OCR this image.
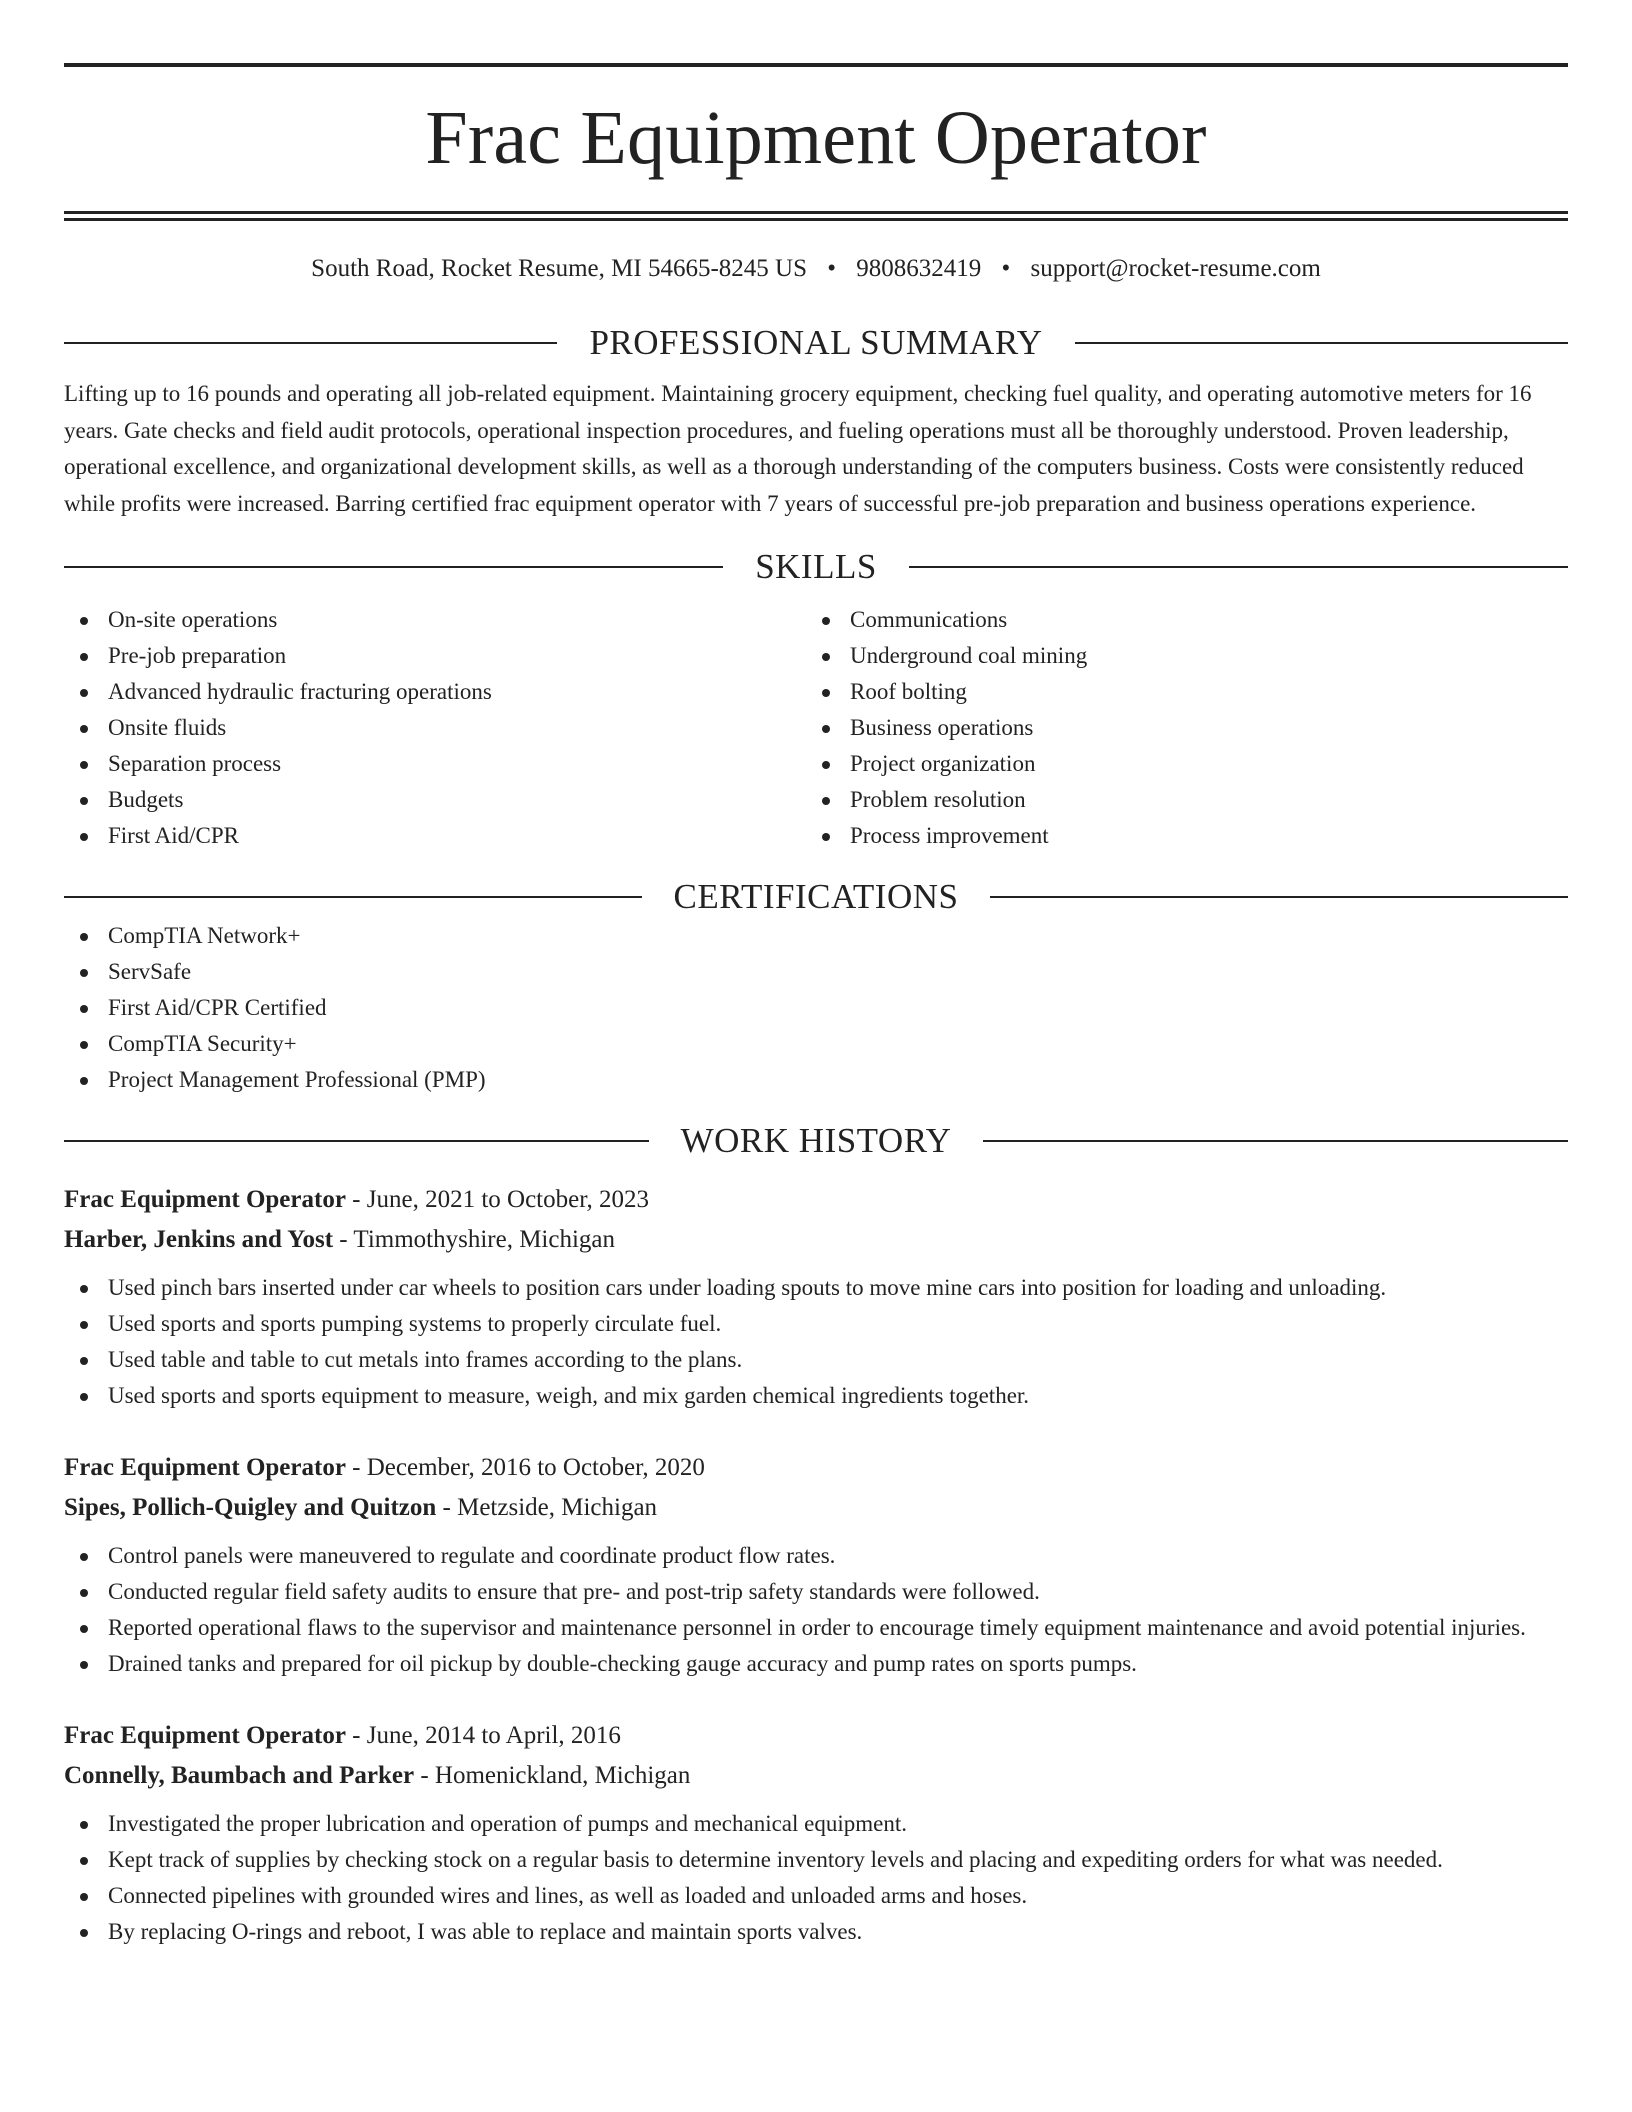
Frac Equipment Operator
South Road, Rocket Resume, MI 54665-8245 US • 9808632419 • support@rocket-resume.com
PROFESSIONAL SUMMARY
Lifting up to 16 pounds and operating all job-related equipment. Maintaining grocery equipment, checking fuel quality, and operating automotive meters for 16 years. Gate checks and field audit protocols, operational inspection procedures, and fueling operations must all be thoroughly understood. Proven leadership, operational excellence, and organizational development skills, as well as a thorough understanding of the computers business. Costs were consistently reduced while profits were increased. Barring certified frac equipment operator with 7 years of successful pre-job preparation and business operations experience.
SKILLS
On-site operations
Pre-job preparation
Advanced hydraulic fracturing operations
Onsite fluids
Separation process
Budgets
First Aid/CPR
Communications
Underground coal mining
Roof bolting
Business operations
Project organization
Problem resolution
Process improvement
CERTIFICATIONS
CompTIA Network+
ServSafe
First Aid/CPR Certified
CompTIA Security+
Project Management Professional (PMP)
WORK HISTORY
Frac Equipment Operator - June, 2021 to October, 2023
Harber, Jenkins and Yost - Timmothyshire, Michigan
Used pinch bars inserted under car wheels to position cars under loading spouts to move mine cars into position for loading and unloading.
Used sports and sports pumping systems to properly circulate fuel.
Used table and table to cut metals into frames according to the plans.
Used sports and sports equipment to measure, weigh, and mix garden chemical ingredients together.
Frac Equipment Operator - December, 2016 to October, 2020
Sipes, Pollich-Quigley and Quitzon - Metzside, Michigan
Control panels were maneuvered to regulate and coordinate product flow rates.
Conducted regular field safety audits to ensure that pre- and post-trip safety standards were followed.
Reported operational flaws to the supervisor and maintenance personnel in order to encourage timely equipment maintenance and avoid potential injuries.
Drained tanks and prepared for oil pickup by double-checking gauge accuracy and pump rates on sports pumps.
Frac Equipment Operator - June, 2014 to April, 2016
Connelly, Baumbach and Parker - Homenickland, Michigan
Investigated the proper lubrication and operation of pumps and mechanical equipment.
Kept track of supplies by checking stock on a regular basis to determine inventory levels and placing and expediting orders for what was needed.
Connected pipelines with grounded wires and lines, as well as loaded and unloaded arms and hoses.
By replacing O-rings and reboot, I was able to replace and maintain sports valves.
